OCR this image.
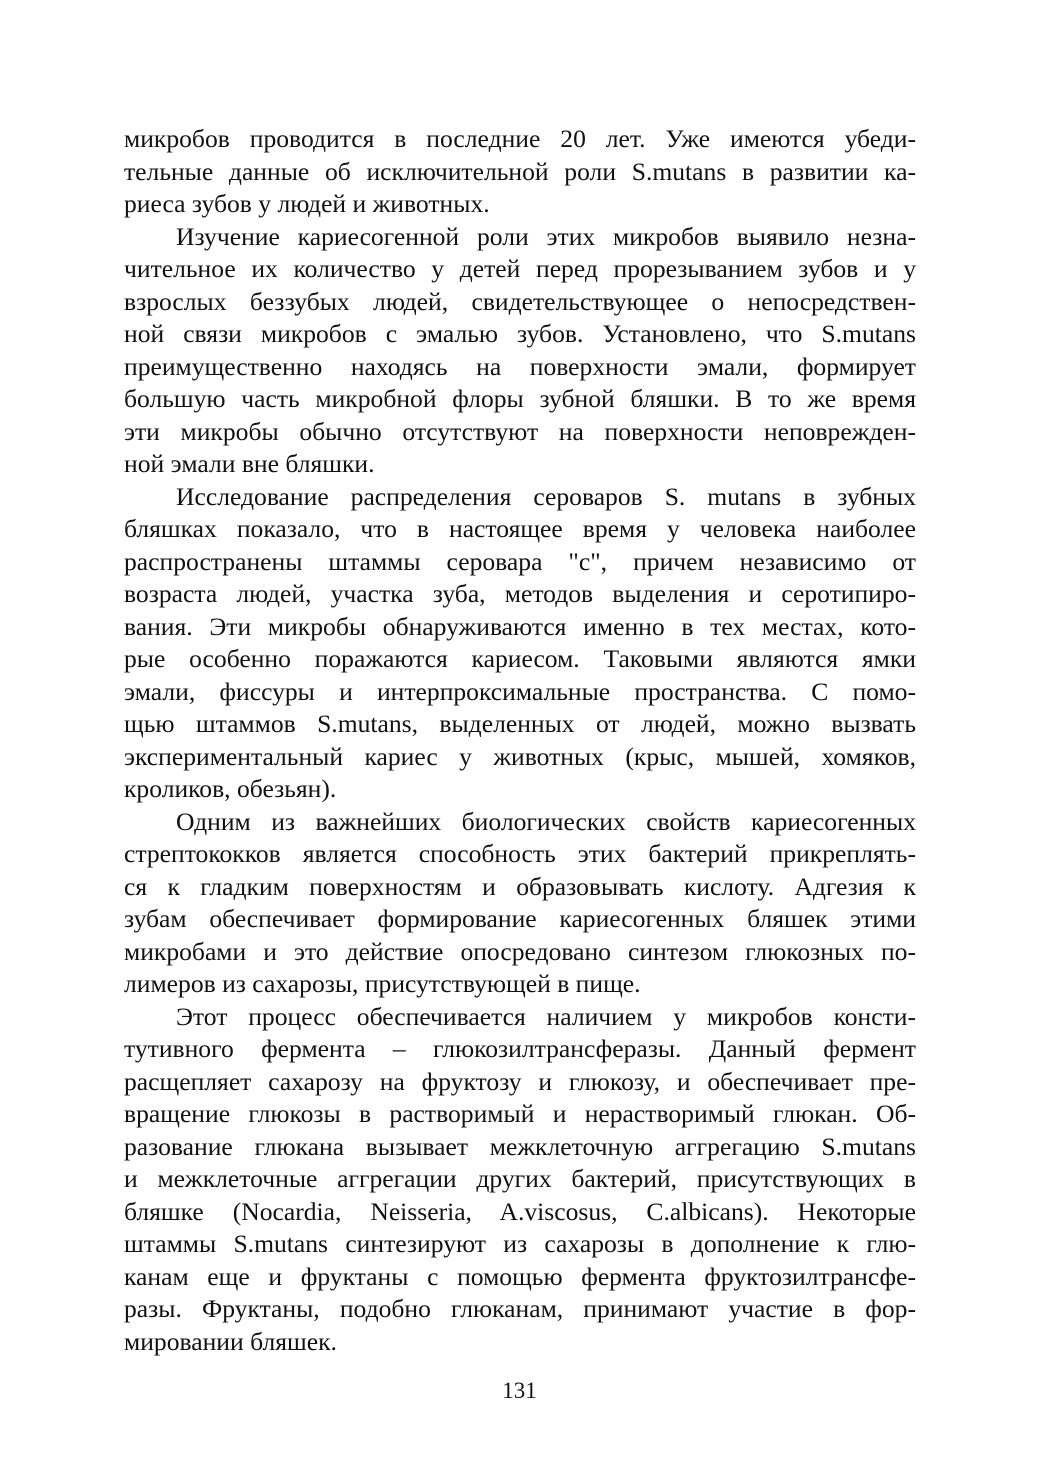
микробов проводится в последние 20 лет. Уже имеются убеди-
тельные данные об исключительной роли S.mutans в развитии ка-
риеса зубов у людей и животных.
Изучение кариесогенной роли этих микробов выявило незна-
чительное их количество у детей перед прорезыванием зубов и у
взрослых беззубых людей, свидетельствующее о непосредствен-
ной связи микробов с эмалью зубов. Установлено, что S.mutans
преимущественно находясь на поверхности эмали, формирует
большую часть микробной флоры зубной бляшки. В то же время
эти микробы обычно отсутствуют на поверхности неповрежден-
ной эмали вне бляшки.
Исследование распределения сероваров S. mutans в зубных
бляшках показало, что в настоящее время у человека наиболее
распространены штаммы серовара "с", причем независимо от
возраста людей, участка зуба, методов выделения и серотипиро-
вания. Эти микробы обнаруживаются именно в тех местах, кото-
рые особенно поражаются кариесом. Таковыми являются ямки
эмали, фиссуры и интерпроксимальные пространства. С помо-
щью штаммов S.mutans, выделенных от людей, можно вызвать
экспериментальный кариес у животных (крыс, мышей, хомяков,
кроликов, обезьян).
Одним из важнейших биологических свойств кариесогенных
стрептококков является способность этих бактерий прикреплять-
ся к гладким поверхностям и образовывать кислоту. Адгезия к
зубам обеспечивает формирование кариесогенных бляшек этими
микробами и это действие опосредовано синтезом глюкозных по-
лимеров из сахарозы, присутствующей в пище.
Этот процесс обеспечивается наличием у микробов консти-
тутивного фермента – глюкозилтрансферазы. Данный фермент
расщепляет сахарозу на фруктозу и глюкозу, и обеспечивает пре-
вращение глюкозы в растворимый и нерастворимый глюкан. Об-
разование глюкана вызывает межклеточную аггрегацию S.mutans
и межклеточные аггрегации других бактерий, присутствующих в
бляшке (Nocardia, Neisseria, A.viscosus, C.albicans). Некоторые
штаммы S.mutans синтезируют из сахарозы в дополнение к глю-
канам еще и фруктаны с помощью фермента фруктозилтрансфе-
разы. Фруктаны, подобно глюканам, принимают участие в фор-
мировании бляшек.
131
